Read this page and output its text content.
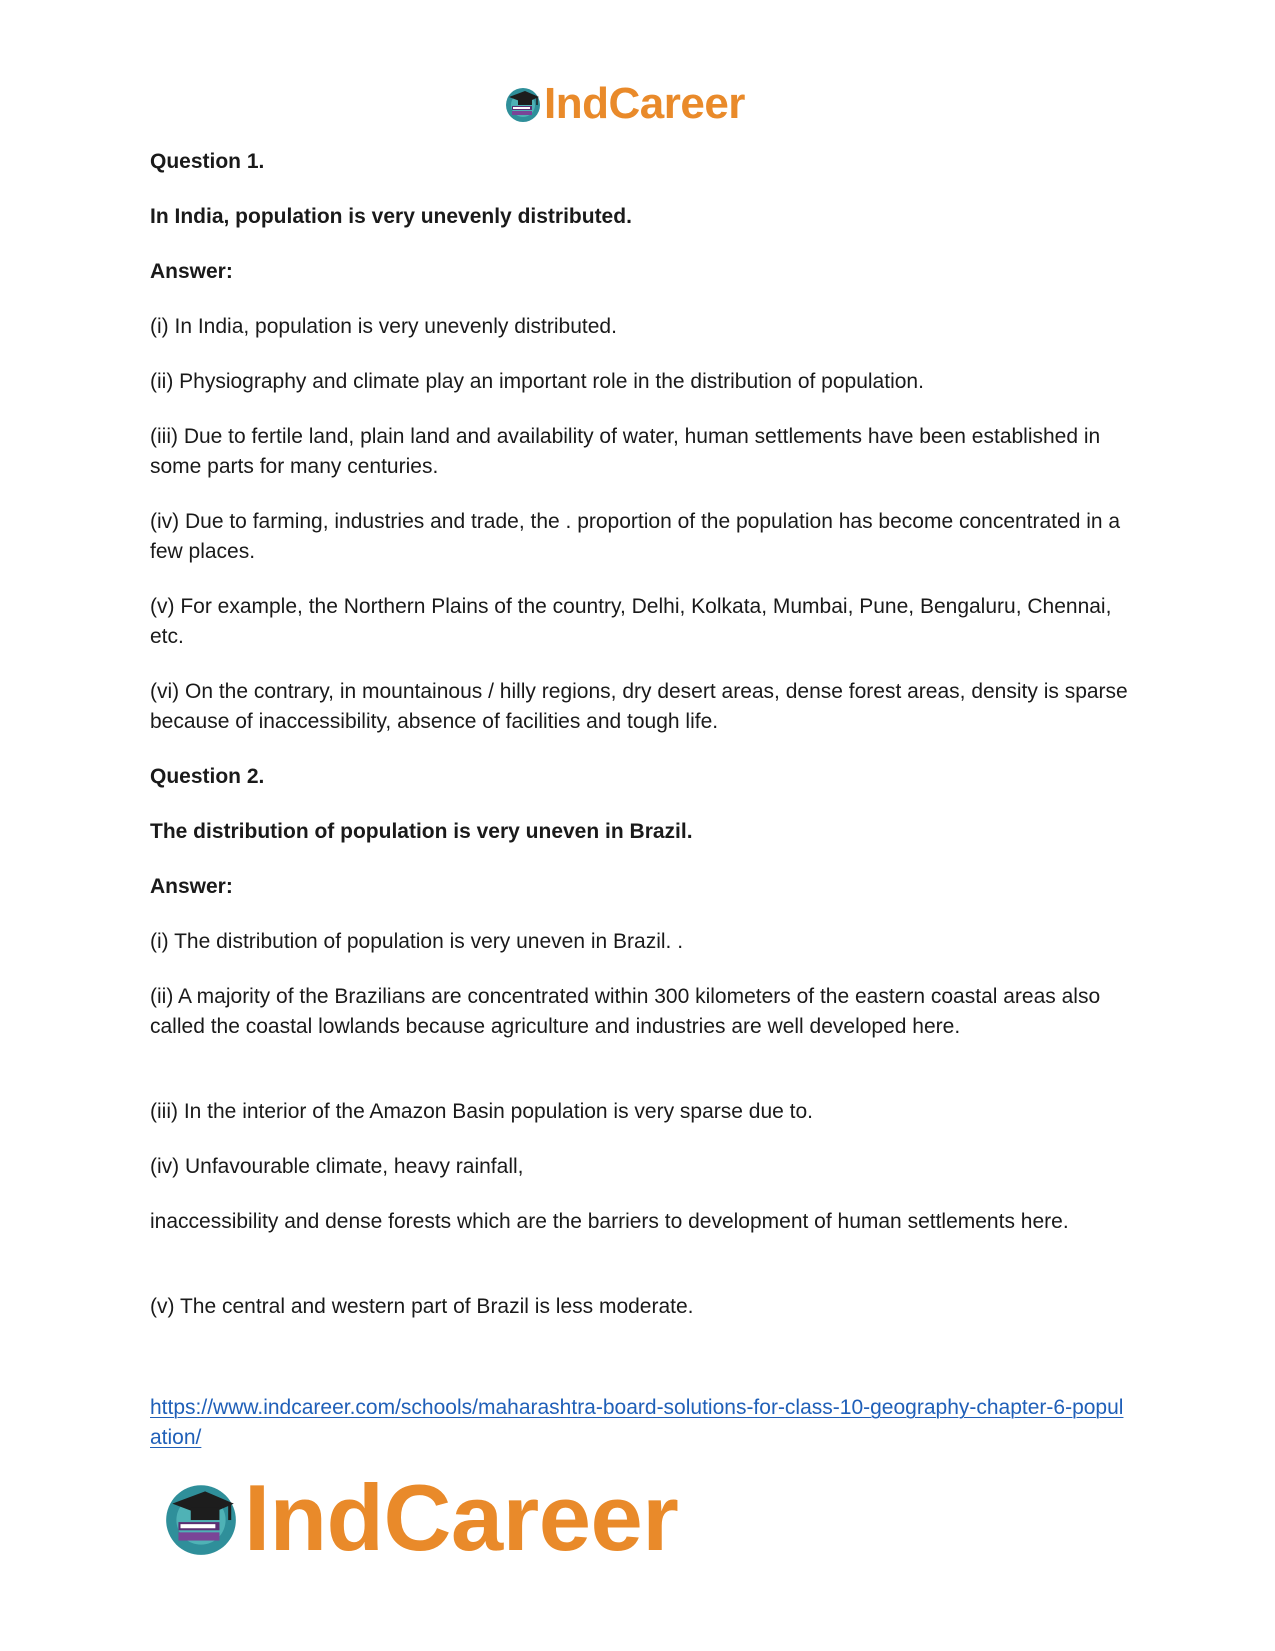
IndCareer
Question 1.
In India, population is very unevenly distributed.
Answer:
(i) In India, population is very unevenly distributed.
(ii) Physiography and climate play an important role in the distribution of population.
(iii) Due to fertile land, plain land and availability of water, human settlements have been established in some parts for many centuries.
(iv) Due to farming, industries and trade, the . proportion of the population has become concentrated in a few places.
(v) For example, the Northern Plains of the country, Delhi, Kolkata, Mumbai, Pune, Bengaluru, Chennai, etc.
(vi) On the contrary, in mountainous / hilly regions, dry desert areas, dense forest areas, density is sparse because of inaccessibility, absence of facilities and tough life.
Question 2.
The distribution of population is very uneven in Brazil.
Answer:
(i) The distribution of population is very uneven in Brazil. .
(ii) A majority of the Brazilians are concentrated within 300 kilometers of the eastern coastal areas also called the coastal lowlands because agriculture and industries are well developed here.
(iii) In the interior of the Amazon Basin population is very sparse due to.
(iv) Unfavourable climate, heavy rainfall,
inaccessibility and dense forests which are the barriers to development of human settlements here.
(v) The central and western part of Brazil is less moderate.
https://www.indcareer.com/schools/maharashtra-board-solutions-for-class-10-geography-chapter-6-population/
IndCareer
